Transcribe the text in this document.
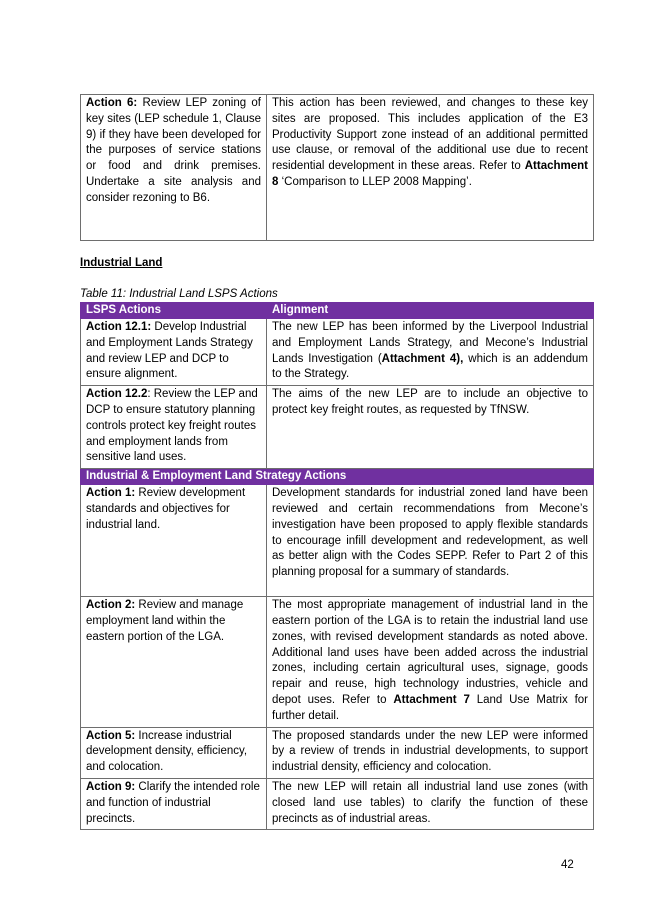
Action 6: Review LEP zoning of key sites (LEP schedule 1, Clause 9) if they have been developed for the purposes of service stations or food and drink premises. Undertake a site analysis and consider rezoning to B6.	This action has been reviewed, and changes to these key sites are proposed. This includes application of the E3 Productivity Support zone instead of an additional permitted use clause, or removal of the additional use due to recent residential development in these areas. Refer to Attachment 8 ‘Comparison to LLEP 2008 Mapping’.
Industrial Land
Table 11: Industrial Land LSPS Actions
LSPS Actions	Alignment
Action 12.1: Develop Industrial and Employment Lands Strategy and review LEP and DCP to ensure alignment.	The new LEP has been informed by the Liverpool Industrial and Employment Lands Strategy, and Mecone’s Industrial Lands Investigation (Attachment 4), which is an addendum to the Strategy.
Action 12.2: Review the LEP and DCP to ensure statutory planning controls protect key freight routes and employment lands from sensitive land uses.	The aims of the new LEP are to include an objective to protect key freight routes, as requested by TfNSW.
Industrial & Employment Land Strategy Actions	
Action 1: Review development standards and objectives for industrial land.	Development standards for industrial zoned land have been reviewed and certain recommendations from Mecone’s investigation have been proposed to apply flexible standards to encourage infill development and redevelopment, as well as better align with the Codes SEPP. Refer to Part 2 of this planning proposal for a summary of standards.
Action 2: Review and manage employment land within the eastern portion of the LGA.	The most appropriate management of industrial land in the eastern portion of the LGA is to retain the industrial land use zones, with revised development standards as noted above. Additional land uses have been added across the industrial zones, including certain agricultural uses, signage, goods repair and reuse, high technology industries, vehicle and depot uses. Refer to Attachment 7 Land Use Matrix for further detail.
Action 5: Increase industrial development density, efficiency, and colocation.	The proposed standards under the new LEP were informed by a review of trends in industrial developments, to support industrial density, efficiency and colocation.
Action 9: Clarify the intended role and function of industrial precincts.	The new LEP will retain all industrial land use zones (with closed land use tables) to clarify the function of these precincts as of industrial areas.
42
